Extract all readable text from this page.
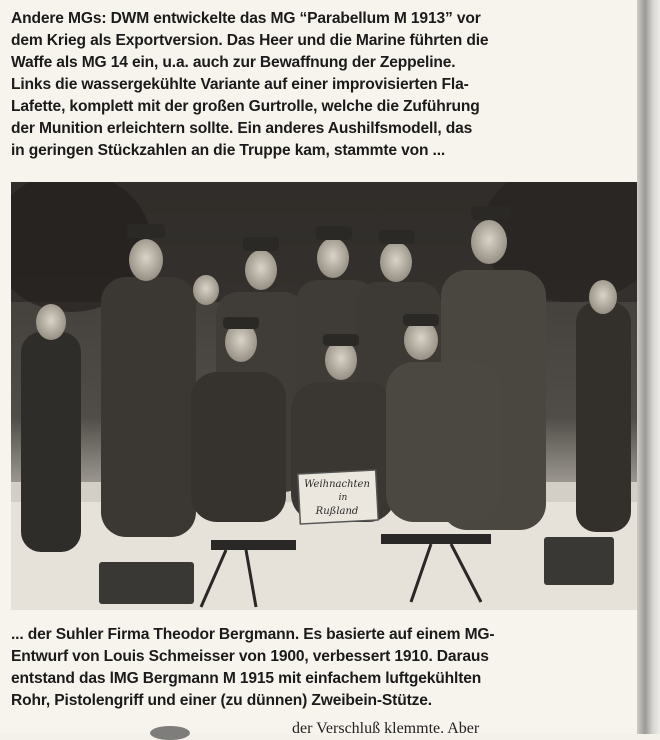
Andere MGs: DWM entwickelte das MG “Parabellum M 1913” vor
dem Krieg als Exportversion. Das Heer und die Marine führten die
Waffe als MG 14 ein, u.a. auch zur Bewaffnung der Zeppeline.
Links die wassergekühlte Variante auf einer improvisierten Fla-
Lafette, komplett mit der großen Gurtrolle, welche die Zuführung
der Munition erleichtern sollte. Ein anderes Aushilfsmodell, das
in geringen Stückzahlen an die Truppe kam, stammte von ...
Weihnachten
in
Rußland
... der Suhler Firma Theodor Bergmann. Es basierte auf einem MG-
Entwurf von Louis Schmeisser von 1900, verbessert 1910. Daraus
entstand das lMG Bergmann M 1915 mit einfachem luftgekühlten
Rohr, Pistolengriff und einer (zu dünnen) Zweibein-Stütze.
der Verschluß klemmte. Aber
